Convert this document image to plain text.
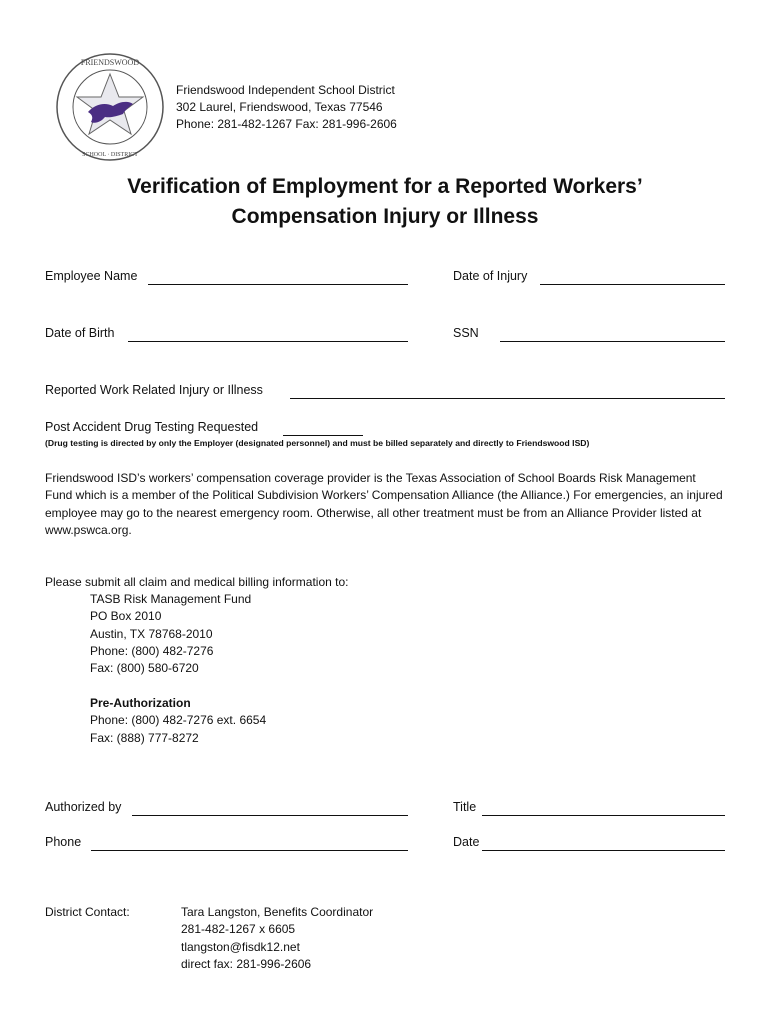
FRIENDSWOOD
SCHOOL · DISTRICT
Friendswood Independent School District
302 Laurel, Friendswood, Texas 77546
Phone: 281-482-1267 Fax: 281-996-2606
Verification of Employment for a Reported Workers’
Compensation Injury or Illness
Employee Name	Date of Injury
Date of Birth	SSN
Reported Work Related Injury or Illness
Post Accident Drug Testing Requested
(Drug testing is directed by only the Employer (designated personnel) and must be billed separately and directly to Friendswood ISD)
Friendswood ISD’s workers’ compensation coverage provider is the Texas Association of School Boards Risk Management Fund which is a member of the Political Subdivision Workers’ Compensation Alliance (the Alliance.) For emergencies, an injured employee may go to the nearest emergency room. Otherwise, all other treatment must be from an Alliance Provider listed at www.pswca.org.
Please submit all claim and medical billing information to:
TASB Risk Management Fund
PO Box 2010
Austin, TX 78768-2010
Phone: (800) 482-7276
Fax: (800) 580-6720
Pre-Authorization
Phone: (800) 482-7276 ext. 6654
Fax: (888) 777-8272
Authorized by	Title
Phone	Date
District Contact:	Tara Langston, Benefits Coordinator
281-482-1267 x 6605
tlangston@fisdk12.net
direct fax: 281-996-2606
